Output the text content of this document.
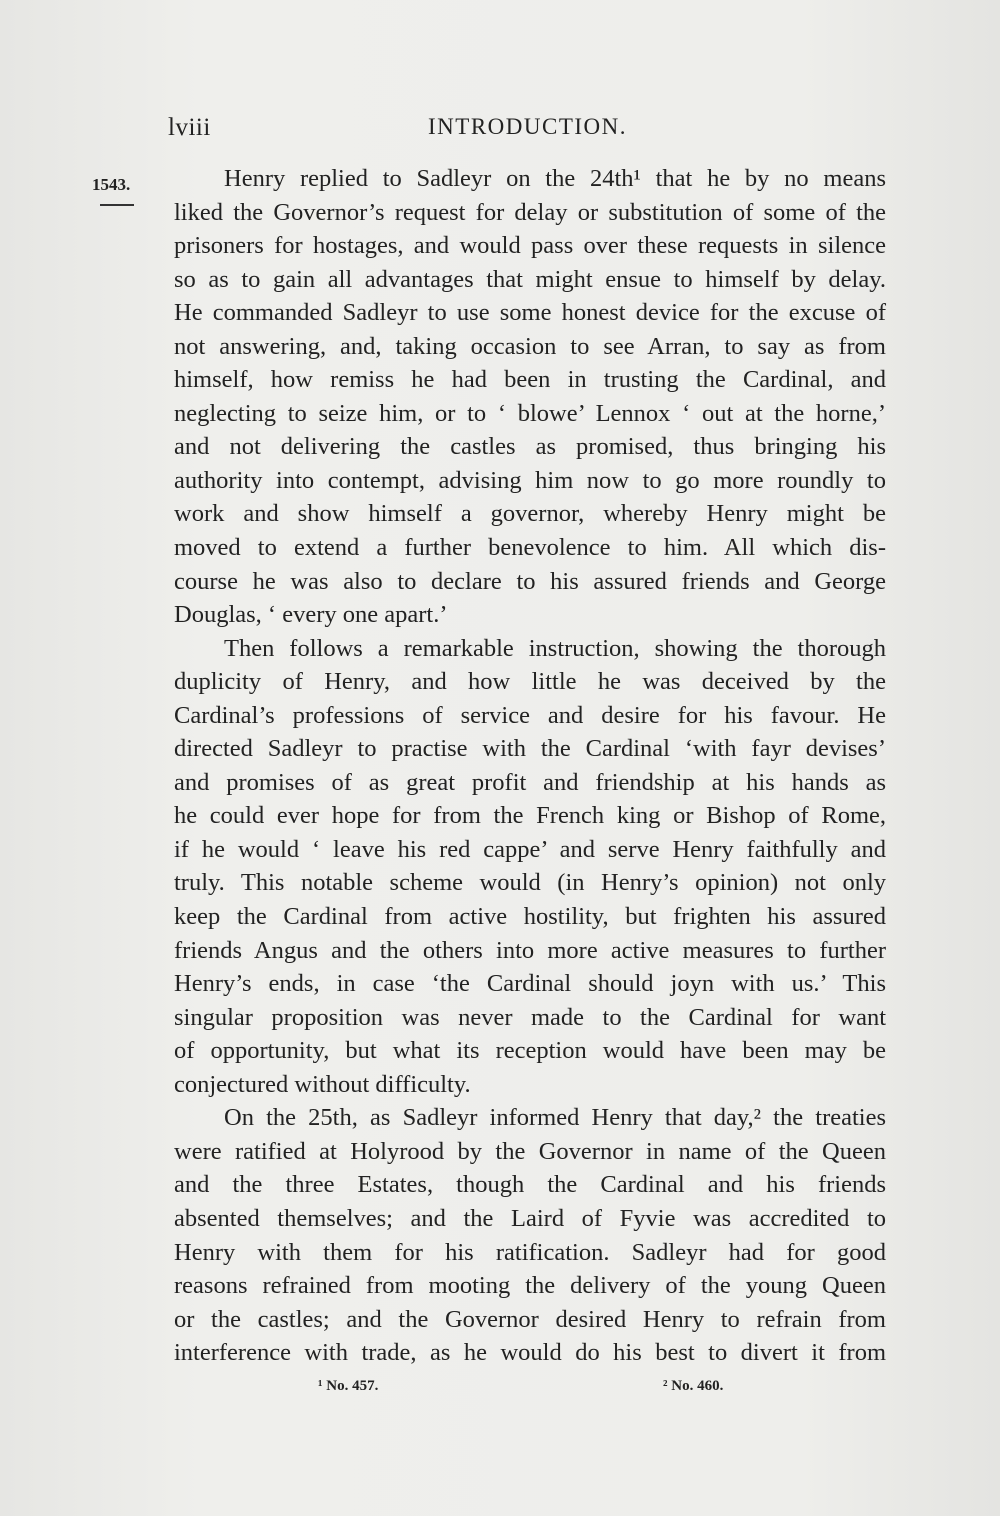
lviii	INTRODUCTION.
1543.	Henry replied to Sadleyr on the 24th¹ that he by no means
liked the Governor’s request for delay or substitution of some of the
prisoners for hostages, and would pass over these requests in silence
so as to gain all advantages that might ensue to himself by delay.
He commanded Sadleyr to use some honest device for the excuse of
not answering, and, taking occasion to see Arran, to say as from
himself, how remiss he had been in trusting the Cardinal, and
neglecting to seize him, or to ‘ blowe’ Lennox ‘ out at the horne,’
and not delivering the castles as promised, thus bringing his
authority into contempt, advising him now to go more roundly to
work and show himself a governor, whereby Henry might be
moved to extend a further benevolence to him. All which dis-
course he was also to declare to his assured friends and George
Douglas, ‘ every one apart.’
Then follows a remarkable instruction, showing the thorough
duplicity of Henry, and how little he was deceived by the
Cardinal’s professions of service and desire for his favour. He
directed Sadleyr to practise with the Cardinal ‘with fayr devises’
and promises of as great profit and friendship at his hands as
he could ever hope for from the French king or Bishop of Rome,
if he would ‘ leave his red cappe’ and serve Henry faithfully and
truly. This notable scheme would (in Henry’s opinion) not only
keep the Cardinal from active hostility, but frighten his assured
friends Angus and the others into more active measures to further
Henry’s ends, in case ‘the Cardinal should joyn with us.’ This
singular proposition was never made to the Cardinal for want
of opportunity, but what its reception would have been may be
conjectured without difficulty.
On the 25th, as Sadleyr informed Henry that day,² the treaties
were ratified at Holyrood by the Governor in name of the Queen
and the three Estates, though the Cardinal and his friends
absented themselves; and the Laird of Fyvie was accredited to
Henry with them for his ratification. Sadleyr had for good
reasons refrained from mooting the delivery of the young Queen
or the castles; and the Governor desired Henry to refrain from
interference with trade, as he would do his best to divert it from
¹ No. 457.	² No. 460.
